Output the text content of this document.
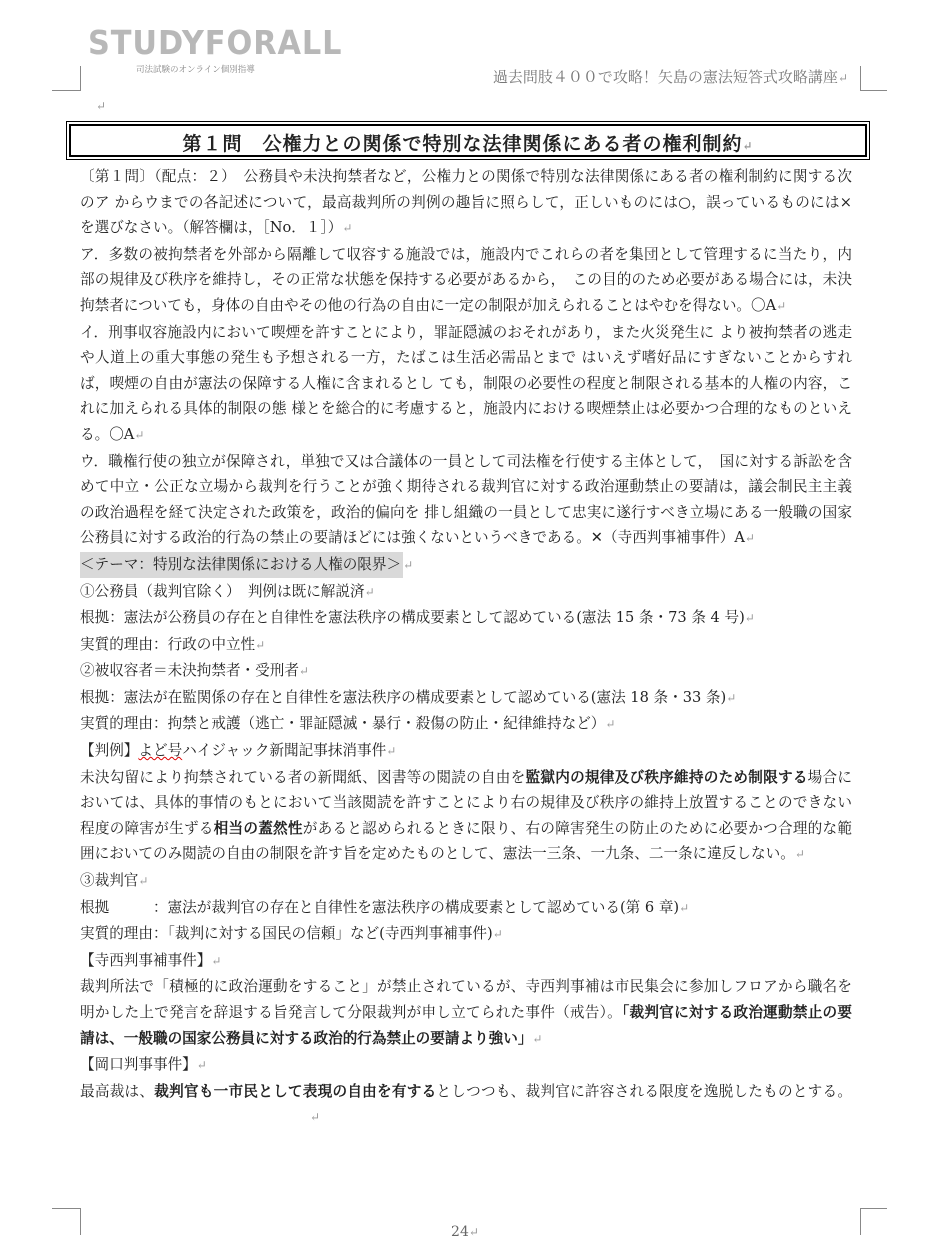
STUDYFORALL
司法試験のオンライン個別指導	過去問肢４００で攻略！矢島の憲法短答式攻略講座↵
↵
第１問　公権力との関係で特別な法律関係にある者の権利制約↵

〔第１問〕（配点：２）　公務員や未決拘禁者など，公権力との関係で特別な法律関係にある者の権利制約に関する次のア からウまでの各記述について，最高裁判所の判例の趣旨に照らして，正しいものには○，誤っているものには×を選びなさい。（解答欄は，［No．１］）↵

ア．多数の被拘禁者を外部から隔離して収容する施設では，施設内でこれらの者を集団として管理するに当たり，内部の規律及び秩序を維持し，その正常な状態を保持する必要があるから，　この目的のため必要がある場合には，未決拘禁者についても，身体の自由やその他の行為の自由に一定の制限が加えられることはやむを得ない。〇A↵

イ．刑事収容施設内において喫煙を許すことにより，罪証隠滅のおそれがあり，また火災発生に より被拘禁者の逃走や人道上の重大事態の発生も予想される一方，たばこは生活必需品とまで はいえず嗜好品にすぎないことからすれば，喫煙の自由が憲法の保障する人権に含まれるとし ても，制限の必要性の程度と制限される基本的人権の内容，これに加えられる具体的制限の態 様とを総合的に考慮すると，施設内における喫煙禁止は必要かつ合理的なものといえる。〇A↵

ウ．職権行使の独立が保障され，単独で又は合議体の一員として司法権を行使する主体として，　国に対する訴訟を含めて中立・公正な立場から裁判を行うことが強く期待される裁判官に対する政治運動禁止の要請は，議会制民主主義の政治過程を経て決定された政策を，政治的偏向を 排し組織の一員として忠実に遂行すべき立場にある一般職の国家公務員に対する政治的行為の禁止の要請ほどには強くないというべきである。✕（寺西判事補事件）A↵

＜テーマ：特別な法律関係における人権の限界＞ ↵

①公務員（裁判官除く）　判例は既に解説済↵

根拠：憲法が公務員の存在と自律性を憲法秩序の構成要素として認めている(憲法 15 条・73 条 4 号)↵

実質的理由：行政の中立性↵

②被収容者＝未決拘禁者・受刑者↵

根拠：憲法が在監関係の存在と自律性を憲法秩序の構成要素として認めている(憲法 18 条・33 条)↵

実質的理由：拘禁と戒護（逃亡・罪証隠滅・暴行・殺傷の防止・紀律維持など）↵

【判例】よど号ハイジャック新聞記事抹消事件↵

未決勾留により拘禁されている者の新聞紙、図書等の閲読の自由を監獄内の規律及び秩序維持のため制限する場合においては、具体的事情のもとにおいて当該閲読を許すことにより右の規律及び秩序の維持上放置することのできない程度の障害が生ずる相当の蓋然性があると認められるときに限り、右の障害発生の防止のために必要かつ合理的な範囲においてのみ閲読の自由の制限を許す旨を定めたものとして、憲法一三条、一九条、二一条に違反しない。↵

③裁判官↵

根拠　　　：憲法が裁判官の存在と自律性を憲法秩序の構成要素として認めている(第 6 章)↵

実質的理由：「裁判に対する国民の信頼」など(寺西判事補事件)↵

【寺西判事補事件】↵

裁判所法で「積極的に政治運動をすること」が禁止されているが、寺西判事補は市民集会に参加しフロアから職名を明かした上で発言を辞退する旨発言して分限裁判が申し立てられた事件（戒告）。「裁判官に対する政治運動禁止の要請は、一般職の国家公務員に対する政治的行為禁止の要請より強い」↵

【岡口判事事件】↵

最高裁は、裁判官も一市民として表現の自由を有するとしつつも、裁判官に許容される限度を逸脱したものとする。↵

24↵
